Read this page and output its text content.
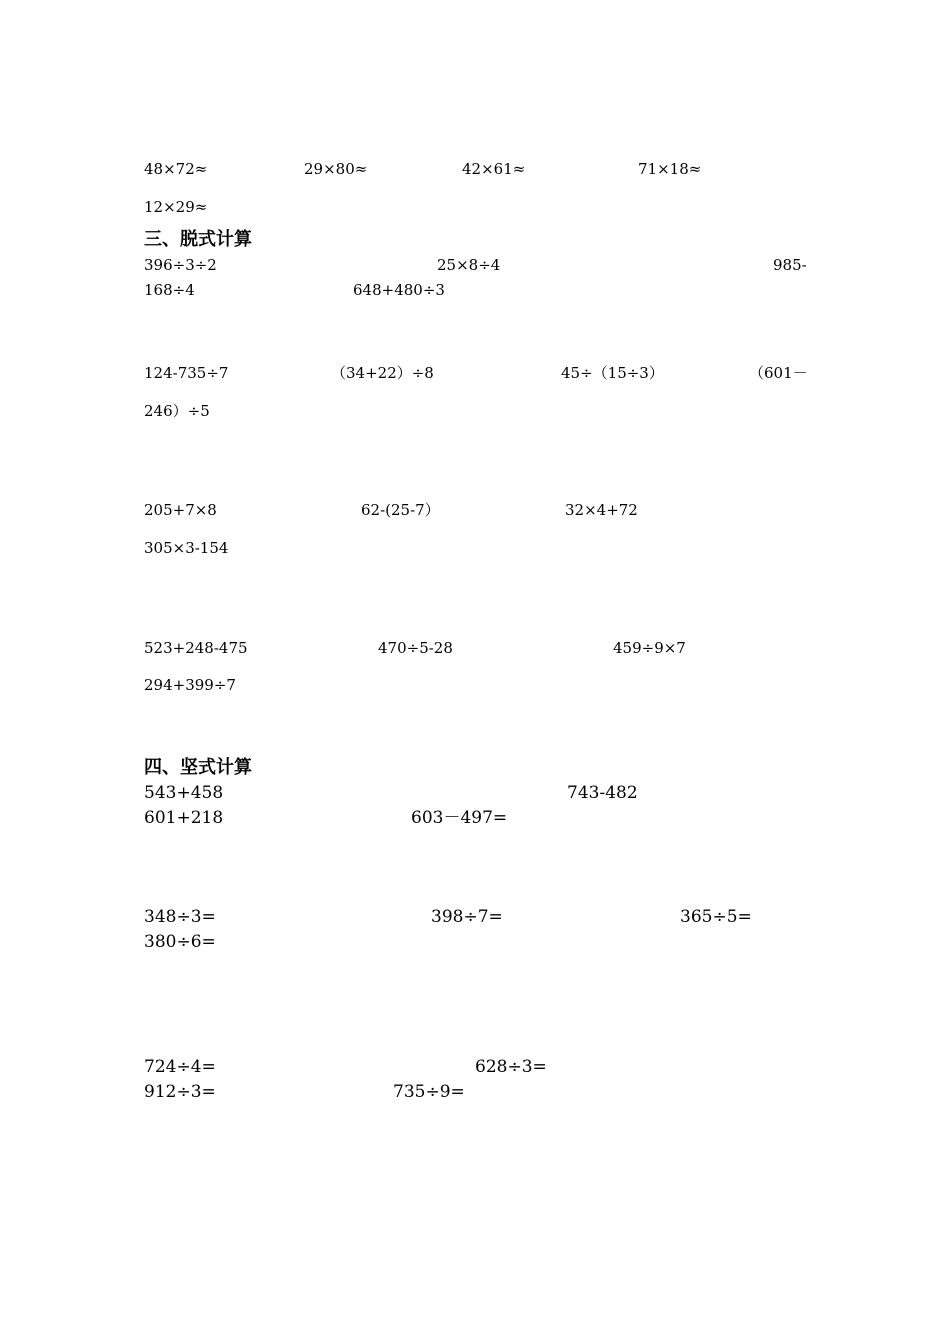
48×72≈	29×80≈	42×61≈	71×18≈
12×29≈
三、脱式计算
396÷3÷2	25×8÷4	985-
168÷4	648+480÷3
124-735÷7	（34+22）÷8	45÷（15÷3）	（601－
246）÷5
205+7×8	62-(25-7）	32×4+72
305×3-154
523+248-475	470÷5-28	459÷9×7
294+399÷7
四、坚式计算
543+458	743-482
601+218	603－497=
348÷3=	398÷7=	365÷5=
380÷6=
724÷4=	628÷3=
912÷3=	735÷9=
